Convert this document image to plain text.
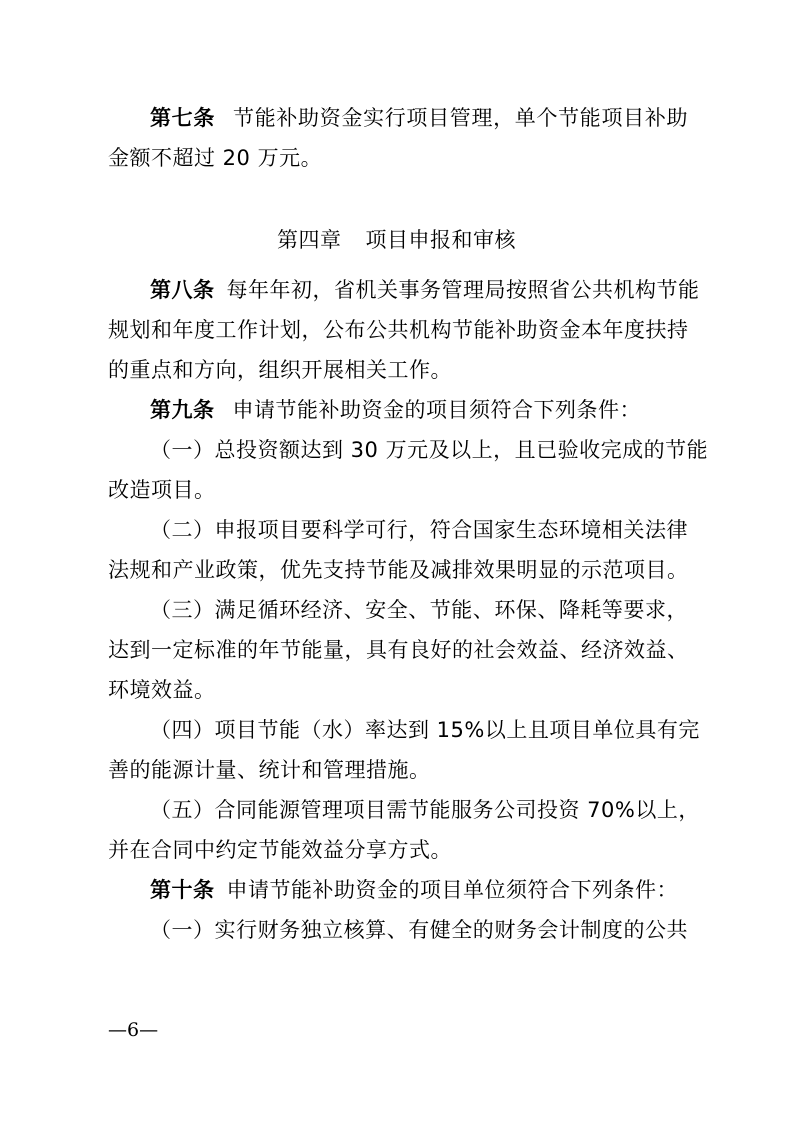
第七条 节能补助资金实行项目管理，单个节能项目补助
金额不超过 20 万元。
第四章 项目申报和审核
第八条 每年年初，省机关事务管理局按照省公共机构节能
规划和年度工作计划，公布公共机构节能补助资金本年度扶持
的重点和方向，组织开展相关工作。
第九条 申请节能补助资金的项目须符合下列条件：
（一）总投资额达到 30 万元及以上，且已验收完成的节能
改造项目。
（二）申报项目要科学可行，符合国家生态环境相关法律
法规和产业政策，优先支持节能及减排效果明显的示范项目。
（三）满足循环经济、安全、节能、环保、降耗等要求，
达到一定标准的年节能量，具有良好的社会效益、经济效益、
环境效益。
（四）项目节能（水）率达到 15%以上且项目单位具有完
善的能源计量、统计和管理措施。
（五）合同能源管理项目需节能服务公司投资 70%以上，
并在合同中约定节能效益分享方式。
第十条 申请节能补助资金的项目单位须符合下列条件：
（一）实行财务独立核算、有健全的财务会计制度的公共
—6—
